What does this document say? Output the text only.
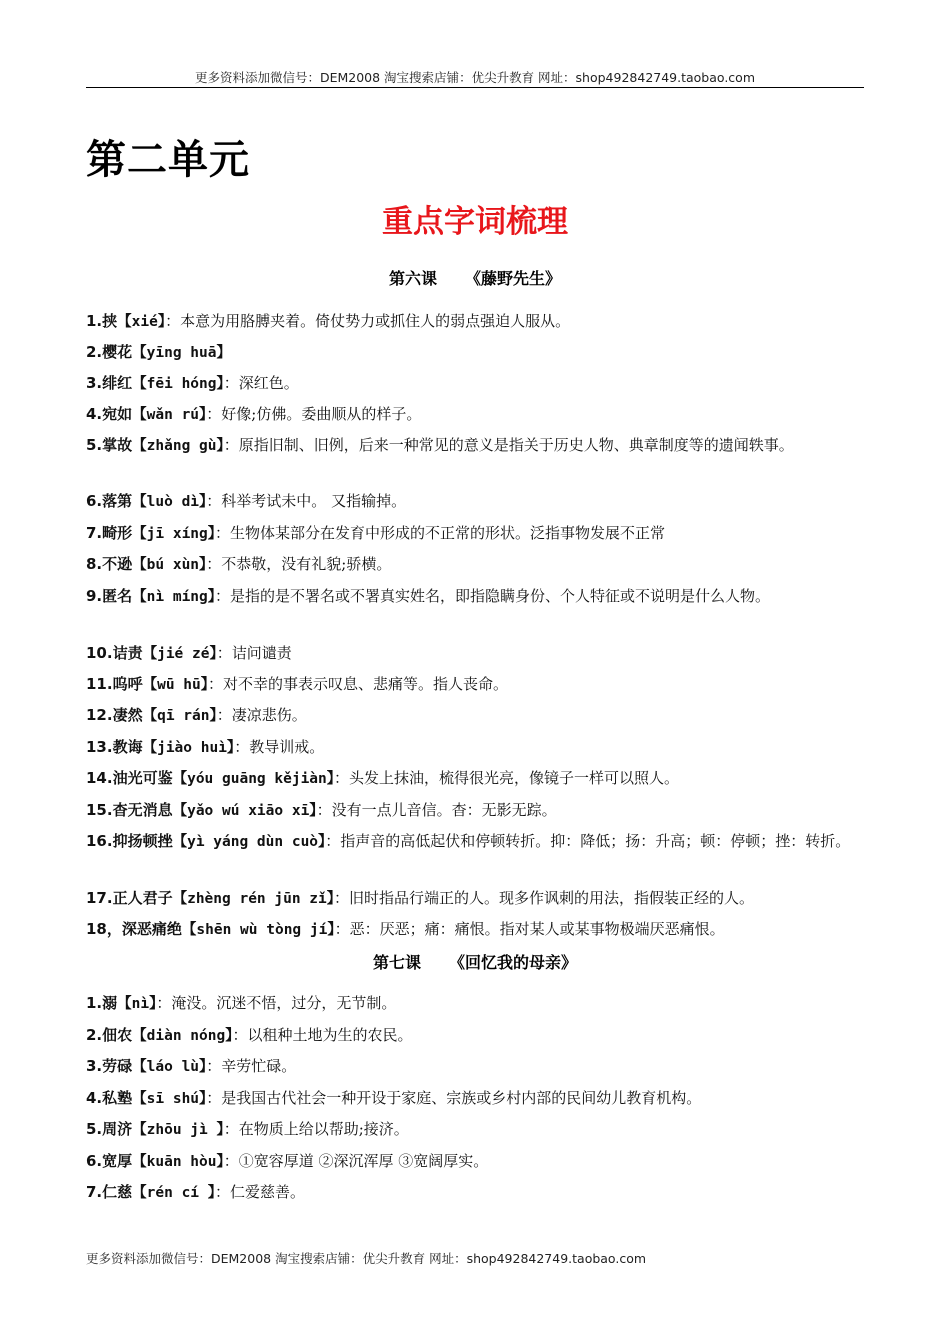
更多资料添加微信号：DEM2008 淘宝搜索店铺：优尖升教育 网址：shop492842749.taobao.com
第二单元
重点字词梳理
第六课 《藤野先生》
1.挟【xié】：本意为用胳膊夹着。倚仗势力或抓住人的弱点强迫人服从。
2.樱花【yīng huā】
3.绯红【fēi hóng】：深红色。
4.宛如【wǎn rú】：好像;仿佛。委曲顺从的样子。
5.掌故【zhǎng gù】：原指旧制、旧例，后来一种常见的意义是指关于历史人物、典章制度等的遗闻轶事。
6.落第【luò dì】：科举考试未中。 又指输掉。
7.畸形【jī xíng】：生物体某部分在发育中形成的不正常的形状。泛指事物发展不正常
8.不逊【bú xùn】：不恭敬，没有礼貌;骄横。
9.匿名【nì míng】：是指的是不署名或不署真实姓名，即指隐瞒身份、个人特征或不说明是什么人物。
10.诘责【jié zé】：诘问谴责
11.呜呼【wū hū】：对不幸的事表示叹息、悲痛等。指人丧命。
12.凄然【qī rán】：凄凉悲伤。
13.教诲【jiào huì】：教导训戒。
14.油光可鉴【yóu guāng kějiàn】：头发上抹油，梳得很光亮，像镜子一样可以照人。
15.杳无消息【yǎo wú xiāo xī】：没有一点儿音信。杳：无影无踪。
16.抑扬顿挫【yì yáng dùn cuò】：指声音的高低起伏和停顿转折。抑：降低；扬：升高；顿：停顿；挫：转折。
17.正人君子【zhèng rén jūn zǐ】：旧时指品行端正的人。现多作讽刺的用法，指假装正经的人。
18，深恶痛绝【shēn wù tòng jí】：恶：厌恶；痛：痛恨。指对某人或某事物极端厌恶痛恨。
第七课 《回忆我的母亲》
1.溺【nì】：淹没。沉迷不悟，过分，无节制。
2.佃农【diàn nóng】：以租种土地为生的农民。
3.劳碌【láo lù】：辛劳忙碌。
4.私塾【sī shú】：是我国古代社会一种开设于家庭、宗族或乡村内部的民间幼儿教育机构。
5.周济【zhōu jì 】：在物质上给以帮助;接济。
6.宽厚【kuān hòu】：①宽容厚道 ②深沉浑厚 ③宽阔厚实。
7.仁慈【rén cí 】：仁爱慈善。
更多资料添加微信号：DEM2008 淘宝搜索店铺：优尖升教育 网址：shop492842749.taobao.com
